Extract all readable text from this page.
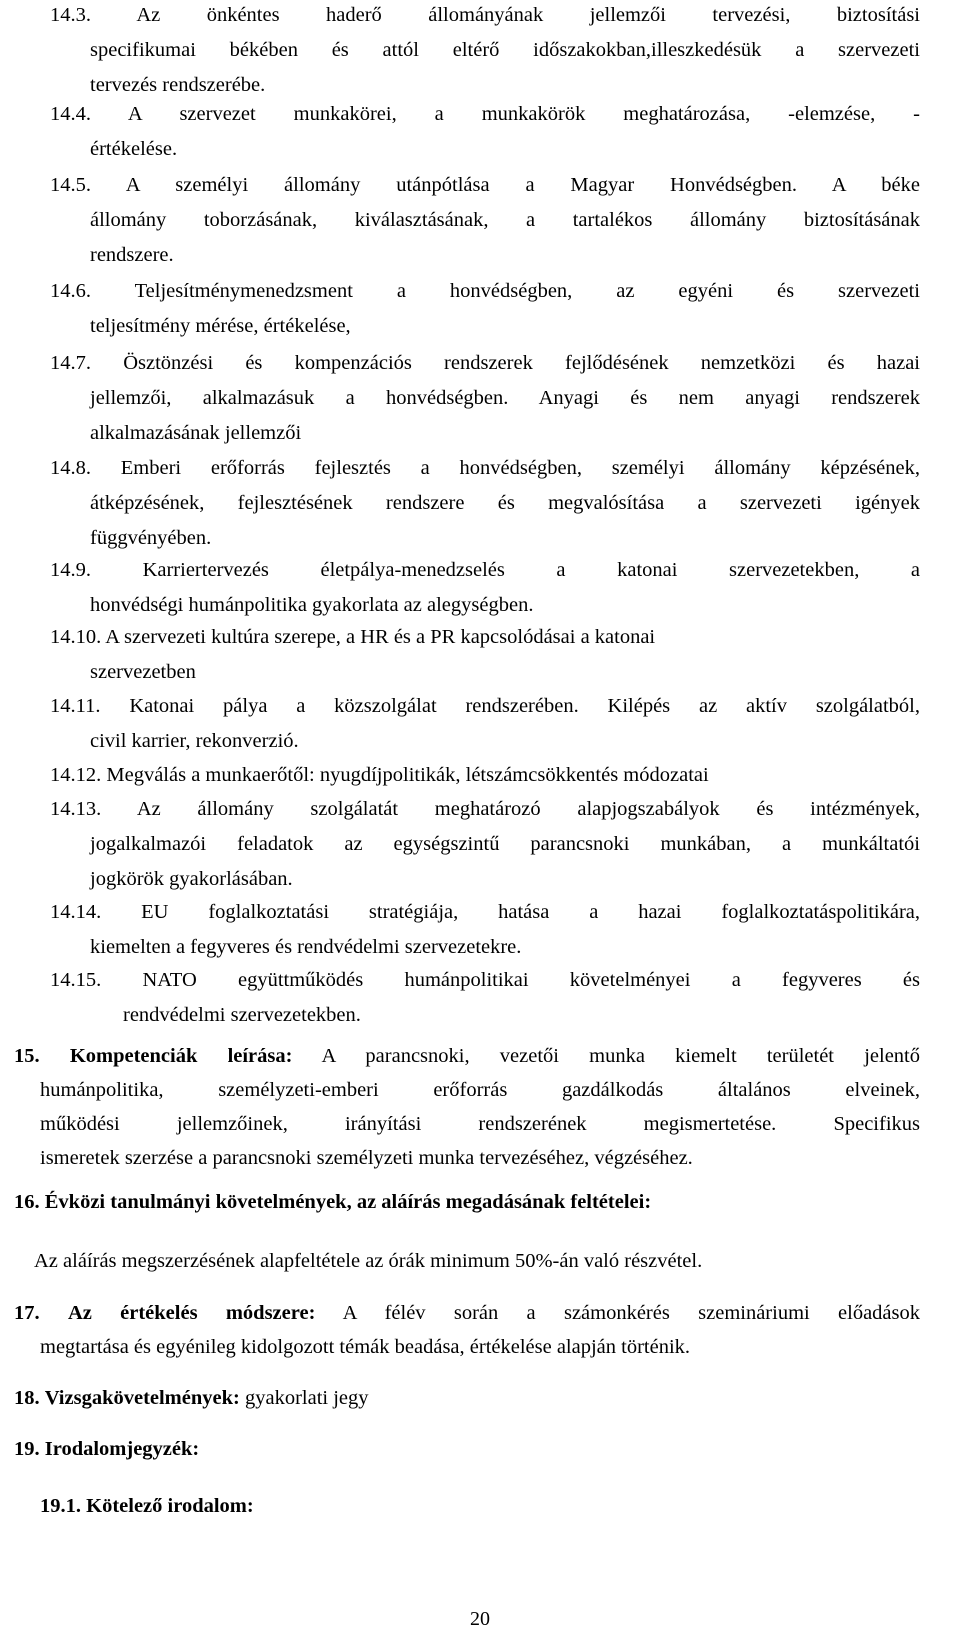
14.3. Az önkéntes haderő állományának jellemzői tervezési, biztosítási
specifikumai békében és attól eltérő időszakokban,illeszkedésük a szervezeti
tervezés rendszerébe.
14.4. A szervezet munkakörei, a munkakörök meghatározása, -elemzése, -
értékelése.
14.5. A személyi állomány utánpótlása a Magyar Honvédségben. A béke
állomány toborzásának, kiválasztásának, a tartalékos állomány biztosításának
rendszere.
14.6. Teljesítménymenedzsment a honvédségben, az egyéni és szervezeti
teljesítmény mérése, értékelése,
14.7. Ösztönzési és kompenzációs rendszerek fejlődésének nemzetközi és hazai
jellemzői, alkalmazásuk a honvédségben. Anyagi és nem anyagi rendszerek
alkalmazásának jellemzői
14.8. Emberi erőforrás fejlesztés a honvédségben, személyi állomány képzésének,
átképzésének, fejlesztésének rendszere és megvalósítása a szervezeti igények
függvényében.
14.9. Karriertervezés életpálya-menedzselés a katonai szervezetekben, a
honvédségi humánpolitika gyakorlata az alegységben.
14.10. A szervezeti kultúra szerepe, a HR és a PR kapcsolódásai a katonai
szervezetben
14.11. Katonai pálya a közszolgálat rendszerében. Kilépés az aktív szolgálatból,
civil karrier, rekonverzió.
14.12. Megválás a munkaerőtől: nyugdíjpolitikák, létszámcsökkentés módozatai
14.13. Az állomány szolgálatát meghatározó alapjogszabályok és intézmények,
jogalkalmazói feladatok az egységszintű parancsnoki munkában, a munkáltatói
jogkörök gyakorlásában.
14.14. EU foglalkoztatási stratégiája, hatása a hazai foglalkoztatáspolitikára,
kiemelten a fegyveres és rendvédelmi szervezetekre.
14.15. NATO együttműködés humánpolitikai követelményei a fegyveres és
rendvédelmi szervezetekben.
15. Kompetenciák leírása: A parancsnoki, vezetői munka kiemelt területét jelentő
humánpolitika, személyzeti-emberi erőforrás gazdálkodás általános elveinek,
működési jellemzőinek, irányítási rendszerének megismertetése. Specifikus
ismeretek szerzése a parancsnoki személyzeti munka tervezéséhez, végzéséhez.
16. Évközi tanulmányi követelmények, az aláírás megadásának feltételei:
Az aláírás megszerzésének alapfeltétele az órák minimum 50%-án való részvétel.
17. Az értékelés módszere: A félév során a számonkérés szemináriumi előadások
megtartása és egyénileg kidolgozott témák beadása, értékelése alapján történik.
18. Vizsgakövetelmények: gyakorlati jegy
19. Irodalomjegyzék:
19.1. Kötelező irodalom:
20
